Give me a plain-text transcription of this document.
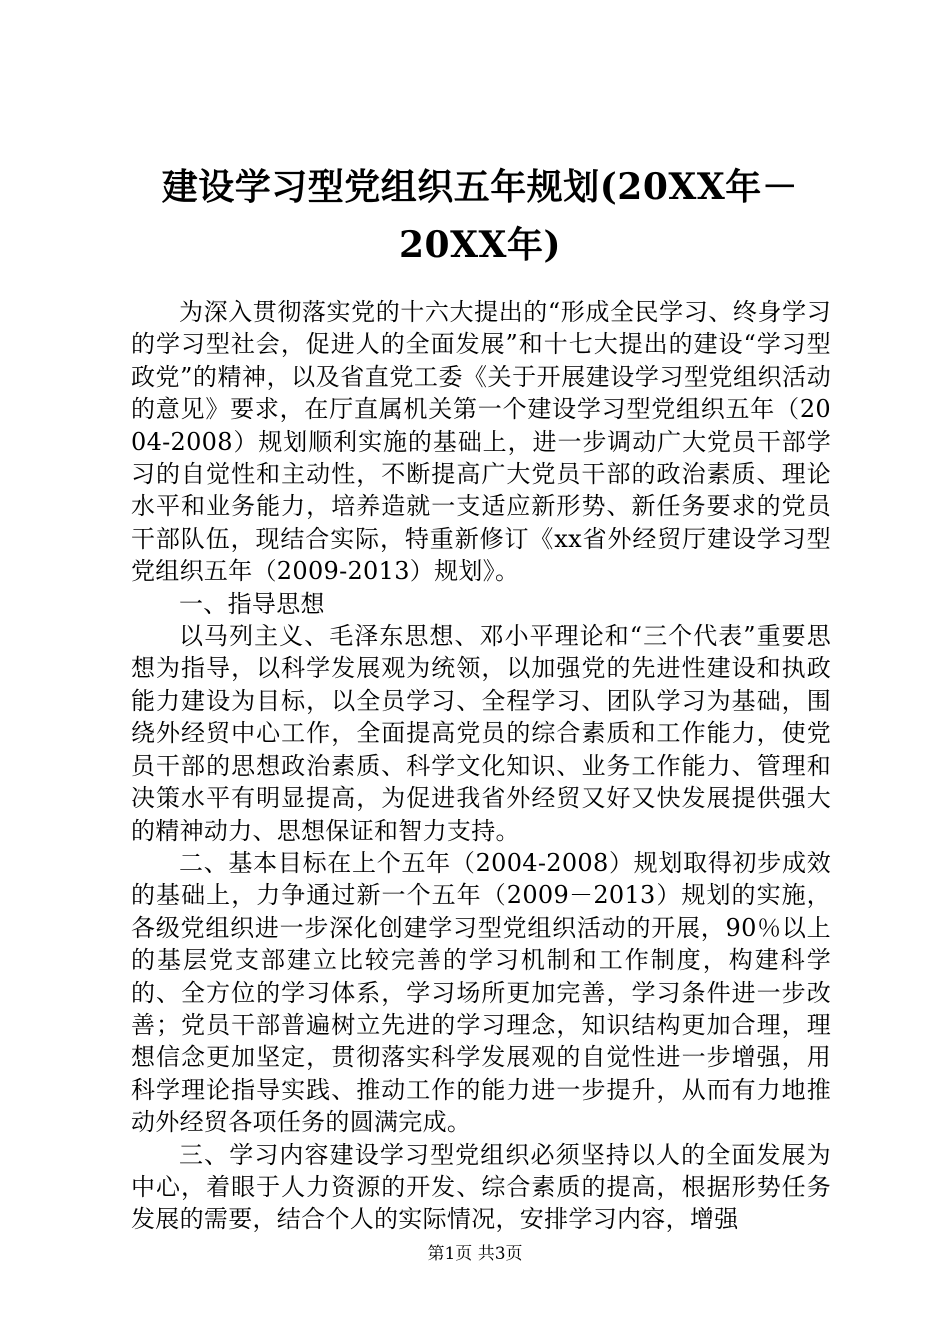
建设学习型党组织五年规划(20XX年－20XX年)

为深入贯彻落实党的十六大提出的“形成全民学习、终身学习的学习型社会，促进人的全面发展”和十七大提出的建设“学习型政党”的精神，以及省直党工委《关于开展建设学习型党组织活动的意见》要求，在厅直属机关第一个建设学习型党组织五年（2004-2008）规划顺利实施的基础上，进一步调动广大党员干部学习的自觉性和主动性，不断提高广大党员干部的政治素质、理论水平和业务能力，培养造就一支适应新形势、新任务要求的党员干部队伍，现结合实际，特重新修订《xx省外经贸厅建设学习型党组织五年（2009-2013）规划》。

一、指导思想

以马列主义、毛泽东思想、邓小平理论和“三个代表”重要思想为指导，以科学发展观为统领，以加强党的先进性建设和执政能力建设为目标，以全员学习、全程学习、团队学习为基础，围绕外经贸中心工作，全面提高党员的综合素质和工作能力，使党员干部的思想政治素质、科学文化知识、业务工作能力、管理和决策水平有明显提高，为促进我省外经贸又好又快发展提供强大的精神动力、思想保证和智力支持。

二、基本目标在上个五年（2004-2008）规划取得初步成效的基础上，力争通过新一个五年（2009－2013）规划的实施，各级党组织进一步深化创建学习型党组织活动的开展，90％以上的基层党支部建立比较完善的学习机制和工作制度，构建科学的、全方位的学习体系，学习场所更加完善，学习条件进一步改善；党员干部普遍树立先进的学习理念，知识结构更加合理，理想信念更加坚定，贯彻落实科学发展观的自觉性进一步增强，用科学理论指导实践、推动工作的能力进一步提升，从而有力地推动外经贸各项任务的圆满完成。

三、学习内容建设学习型党组织必须坚持以人的全面发展为中心，着眼于人力资源的开发、综合素质的提高，根据形势任务发展的需要，结合个人的实际情况，安排学习内容，增强

第1页 共3页
